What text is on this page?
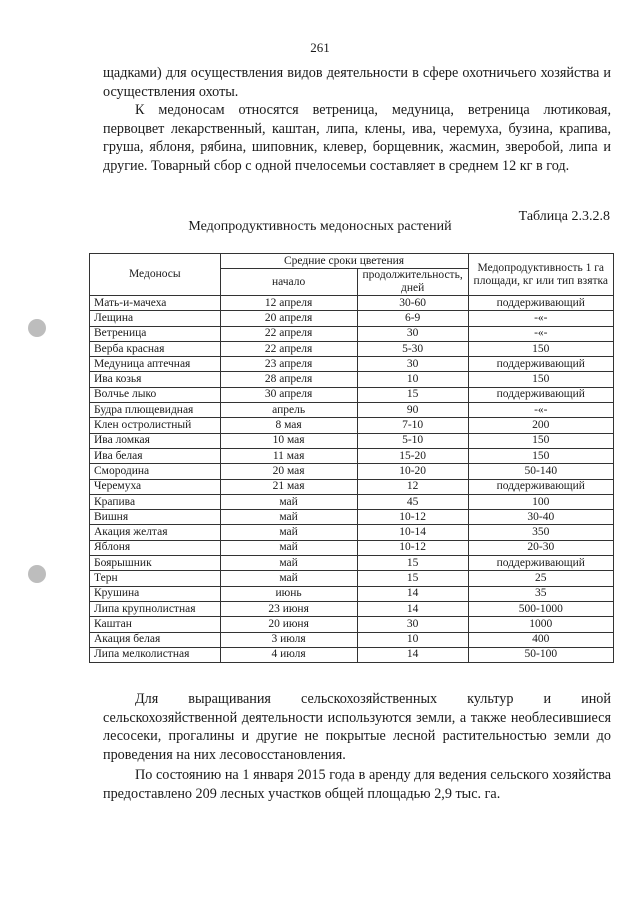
261

щадками) для осуществления видов деятельности в сфере охотничьего хозяйства и осуществления охоты.

К медоносам относятся ветреница, медуница, ветреница лютиковая, первоцвет лекарственный, каштан, липа, клены, ива, черемуха, бузина, крапива, груша, яблоня, рябина, шиповник, клевер, борщевник, жасмин, зверобой, липа и другие. Товарный сбор с одной пчелосемьи составляет в среднем 12 кг в год.

Таблица 2.3.2.8
Медопродуктивность медоносных растений
Медоносы	Средние сроки цветения		Медопродуктивность 1 га площади, кг или тип взятка
	начало	продолжительность, дней	
Мать-и-мачеха	12 апреля	30-60	поддерживающий
Лещина	20 апреля	6-9	-«-
Ветреница	22 апреля	30	-«-
Верба красная	22 апреля	5-30	150
Медуница аптечная	23 апреля	30	поддерживающий
Ива козья	28 апреля	10	150
Волчье лыко	30 апреля	15	поддерживающий
Будра плющевидная	апрель	90	-«-
Клен остролистный	8 мая	7-10	200
Ива ломкая	10 мая	5-10	150
Ива белая	11 мая	15-20	150
Смородина	20 мая	10-20	50-140
Черемуха	21 мая	12	поддерживающий
Крапива	май	45	100
Вишня	май	10-12	30-40
Акация желтая	май	10-14	350
Яблоня	май	10-12	20-30
Боярышник	май	15	поддерживающий
Терн	май	15	25
Крушина	июнь	14	35
Липа крупнолистная	23 июня	14	500-1000
Каштан	20 июня	30	1000
Акация белая	3 июля	10	400
Липа мелколистная	4 июля	14	50-100

Для выращивания сельскохозяйственных культур и иной сельскохозяйственной деятельности используются земли, а также необлесившиеся лесосеки, прогалины и другие не покрытые лесной растительностью земли до проведения на них лесовосстановления.

По состоянию на 1 января 2015 года в аренду для ведения сельского хозяйства предоставлено 209 лесных участков общей площадью 2,9 тыс. га.
